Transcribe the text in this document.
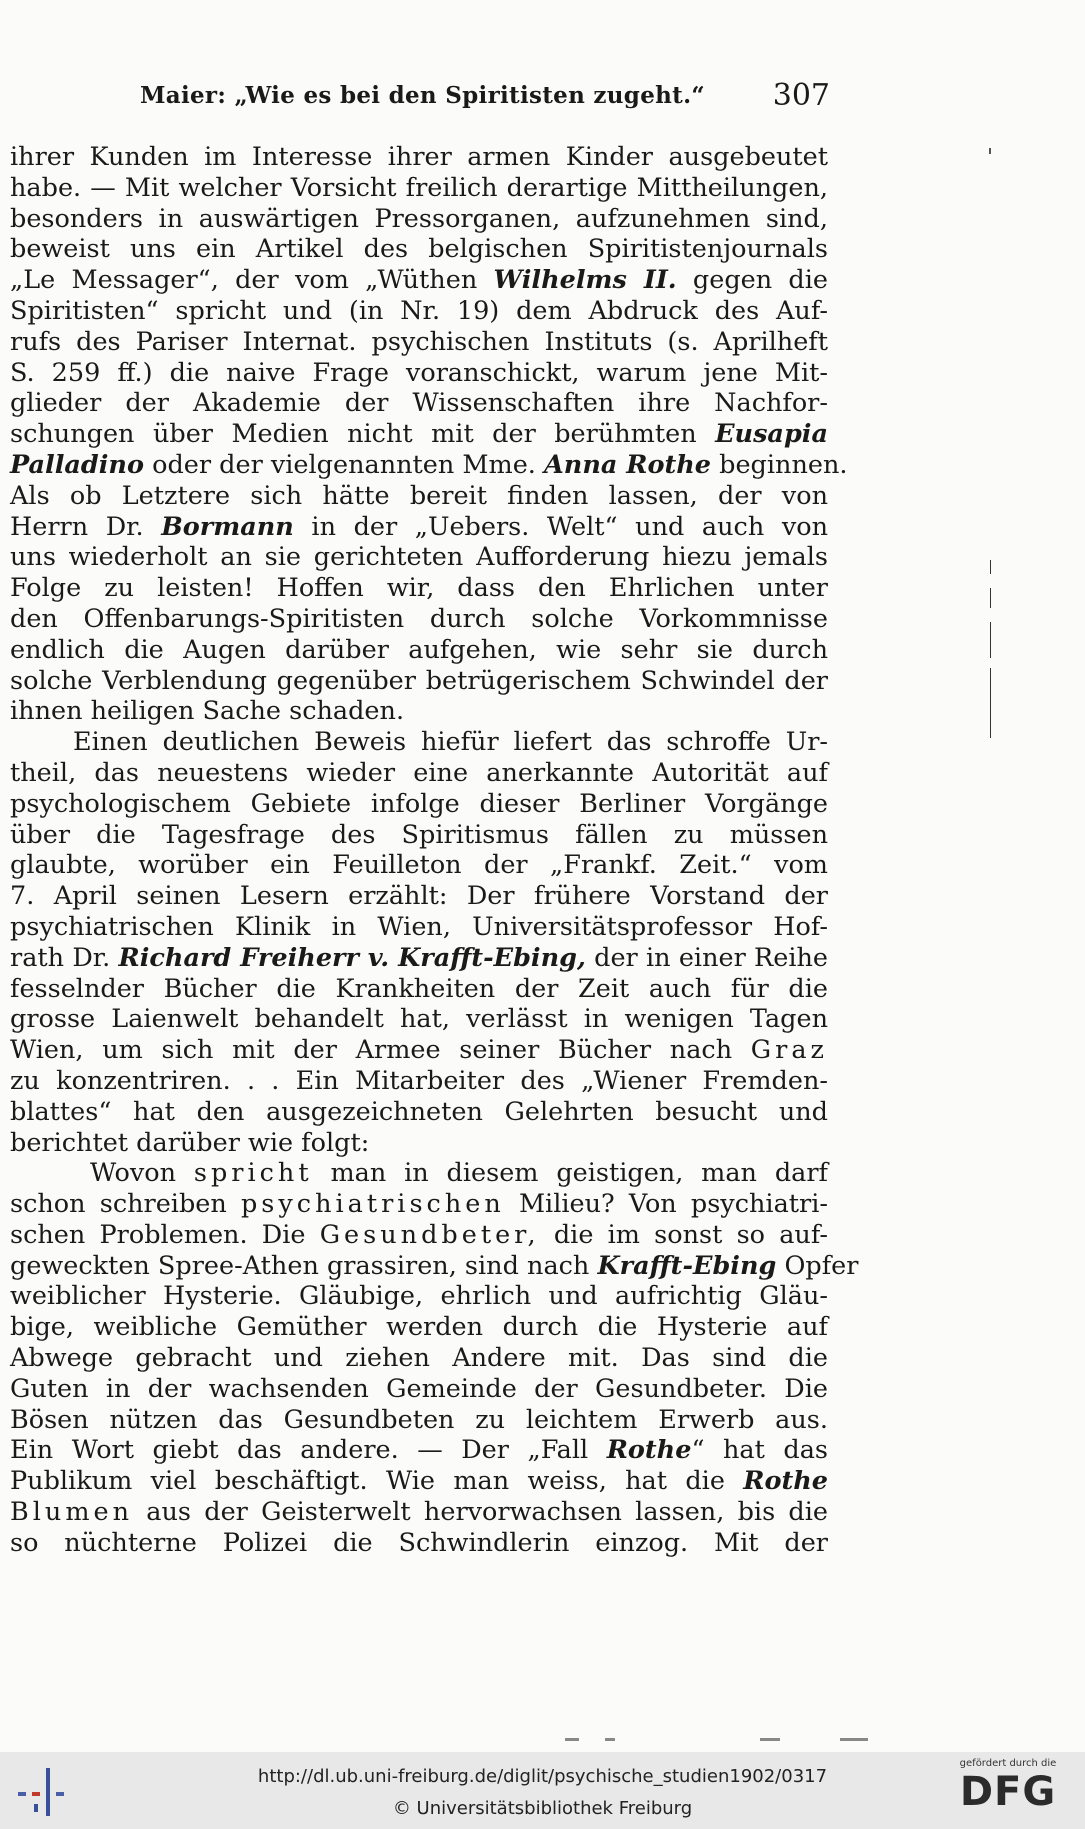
Maier: „Wie es bei den Spiritisten zugeht.“ 307
ihrer Kunden im Interesse ihrer armen Kinder ausgebeutet
habe. — Mit welcher Vorsicht freilich derartige Mittheilungen,
besonders in auswärtigen Pressorganen, aufzunehmen sind,
beweist uns ein Artikel des belgischen Spiritistenjournals
„Le Messager“, der vom „Wüthen Wilhelms II. gegen die
Spiritisten“ spricht und (in Nr. 19) dem Abdruck des Auf-
rufs des Pariser Internat. psychischen Instituts (s. Aprilheft
S. 259 ff.) die naive Frage voranschickt, warum jene Mit-
glieder der Akademie der Wissenschaften ihre Nachfor-
schungen über Medien nicht mit der berühmten Eusapia
Palladino oder der vielgenannten Mme. Anna Rothe beginnen.
Als ob Letztere sich hätte bereit finden lassen, der von
Herrn Dr. Bormann in der „Uebers. Welt“ und auch von
uns wiederholt an sie gerichteten Aufforderung hiezu jemals
Folge zu leisten! Hoffen wir, dass den Ehrlichen unter
den Offenbarungs-Spiritisten durch solche Vorkommnisse
endlich die Augen darüber aufgehen, wie sehr sie durch
solche Verblendung gegenüber betrügerischem Schwindel der
ihnen heiligen Sache schaden.
Einen deutlichen Beweis hiefür liefert das schroffe Ur-
theil, das neuestens wieder eine anerkannte Autorität auf
psychologischem Gebiete infolge dieser Berliner Vorgänge
über die Tagesfrage des Spiritismus fällen zu müssen
glaubte, worüber ein Feuilleton der „Frankf. Zeit.“ vom
7. April seinen Lesern erzählt: Der frühere Vorstand der
psychiatrischen Klinik in Wien, Universitätsprofessor Hof-
rath Dr. Richard Freiherr v. Krafft-Ebing, der in einer Reihe
fesselnder Bücher die Krankheiten der Zeit auch für die
grosse Laienwelt behandelt hat, verlässt in wenigen Tagen
Wien, um sich mit der Armee seiner Bücher nach Graz
zu konzentriren. . . Ein Mitarbeiter des „Wiener Fremden-
blattes“ hat den ausgezeichneten Gelehrten besucht und
berichtet darüber wie folgt:
Wovon spricht man in diesem geistigen, man darf
schon schreiben psychiatrischen Milieu? Von psychiatri-
schen Problemen. Die Gesundbeter, die im sonst so auf-
geweckten Spree-Athen grassiren, sind nach Krafft-Ebing Opfer
weiblicher Hysterie. Gläubige, ehrlich und aufrichtig Gläu-
bige, weibliche Gemüther werden durch die Hysterie auf
Abwege gebracht und ziehen Andere mit. Das sind die
Guten in der wachsenden Gemeinde der Gesundbeter. Die
Bösen nützen das Gesundbeten zu leichtem Erwerb aus.
Ein Wort giebt das andere. — Der „Fall Rothe“ hat das
Publikum viel beschäftigt. Wie man weiss, hat die Rothe
Blumen aus der Geisterwelt hervorwachsen lassen, bis die
so nüchterne Polizei die Schwindlerin einzog. Mit der
http://dl.ub.uni-freiburg.de/diglit/psychische_studien1902/0317
© Universitätsbibliothek Freiburg
gefördert durch die
DFG
